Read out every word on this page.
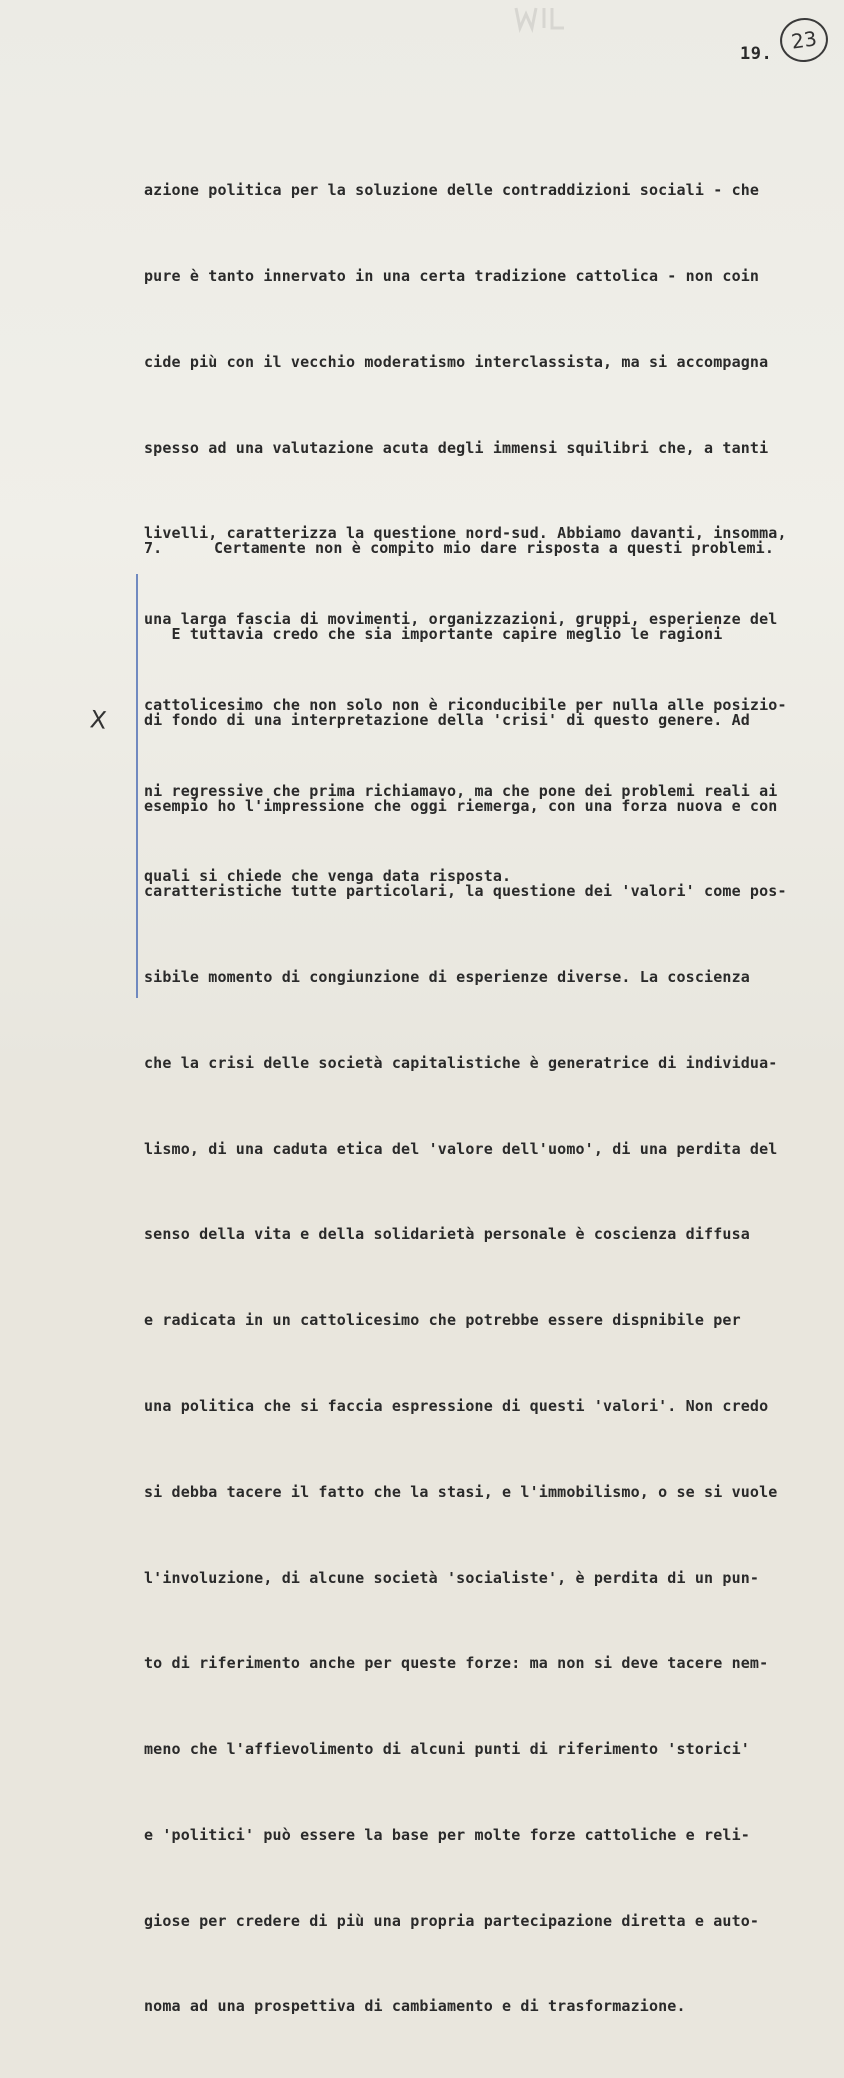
19.
23

azione politica per la soluzione delle contraddizioni sociali - che

pure è tanto innervato in una certa tradizione cattolica - non coin

cide più con il vecchio moderatismo interclassista, ma si accompagna

spesso ad una valutazione acuta degli immensi squilibri che, a tanti

livelli, caratterizza la questione nord-sud. Abbiamo davanti, insomma,

una larga fascia di movimenti, organizzazioni, gruppi, esperienze del

cattolicesimo che non solo non è riconducibile per nulla alle posizio-

ni regressive che prima richiamavo, ma che pone dei problemi reali ai

quali si chiede che venga data risposta.

7.	Certamente non è compito mio dare risposta a questi problemi.

E tuttavia credo che sia importante capire meglio le ragioni

di fondo di una interpretazione della 'crisi' di questo genere. Ad

esempio ho l'impressione che oggi riemerga, con una forza nuova e con

caratteristiche tutte particolari, la questione dei 'valori' come pos-

sibile momento di congiunzione di esperienze diverse. La coscienza

che la crisi delle società capitalistiche è generatrice di individua-

lismo, di una caduta etica del 'valore dell'uomo', di una perdita del

senso della vita e della solidarietà personale è coscienza diffusa

e radicata in un cattolicesimo che potrebbe essere dispnibile per

una politica che si faccia espressione di questi 'valori'. Non credo

si debba tacere il fatto che la stasi, e l'immobilismo, o se si vuole

l'involuzione, di alcune società 'socialiste', è perdita di un pun-

to di riferimento anche per queste forze: ma non si deve tacere nem-

meno che l'affievolimento di alcuni punti di riferimento 'storici'

e 'politici' può essere la base per molte forze cattoliche e reli-

giose per credere di più una propria partecipazione diretta e auto-

noma ad una prospettiva di cambiamento e di trasformazione.

X
